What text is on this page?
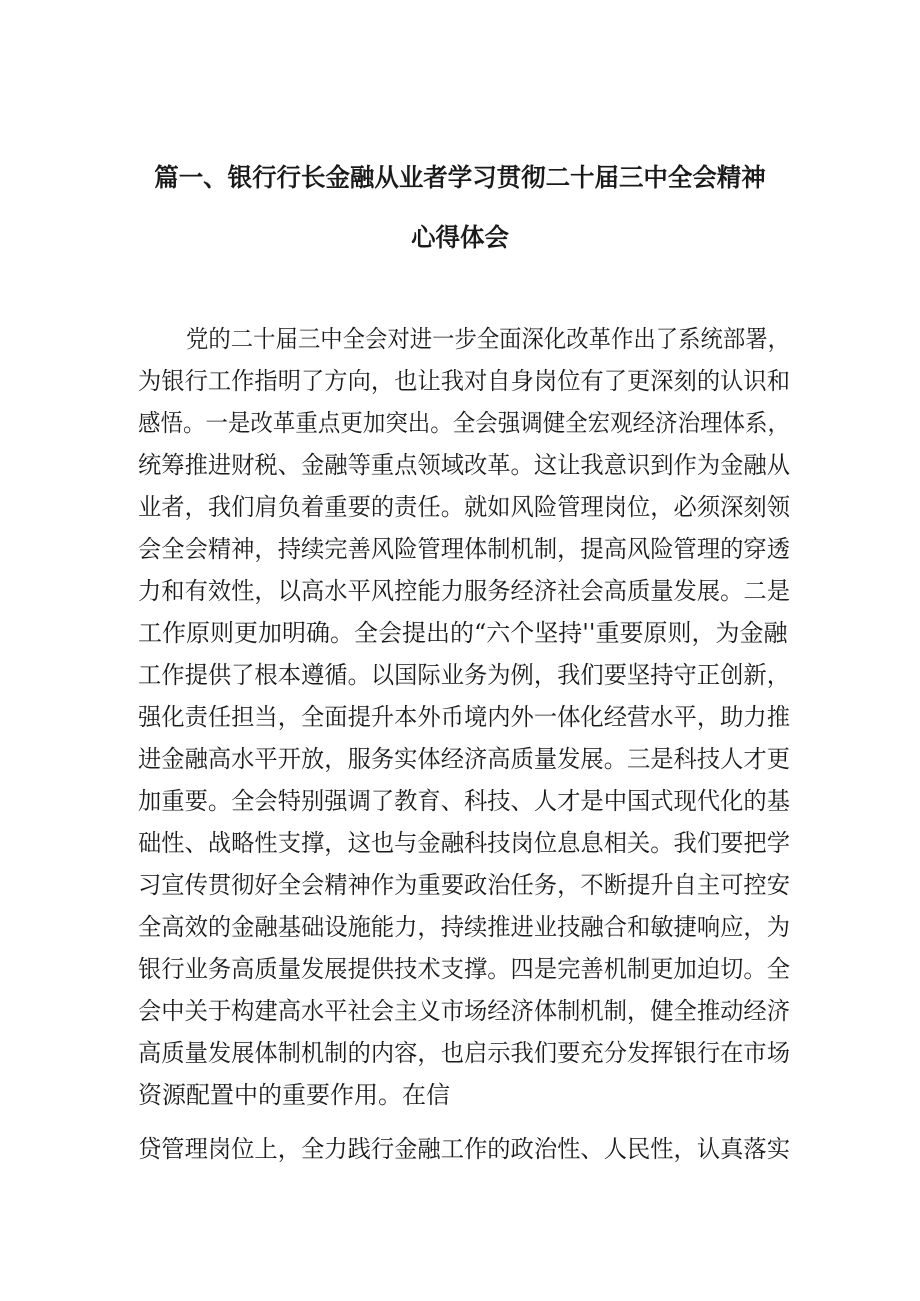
篇一、银行行长金融从业者学习贯彻二十届三中全会精神
心得体会
党的二十届三中全会对进一步全面深化改革作出了系统部署，
为银行工作指明了方向，也让我对自身岗位有了更深刻的认识和
感悟。一是改革重点更加突出。全会强调健全宏观经济治理体系，
统筹推进财税、金融等重点领域改革。这让我意识到作为金融从
业者，我们肩负着重要的责任。就如风险管理岗位，必须深刻领
会全会精神，持续完善风险管理体制机制，提高风险管理的穿透
力和有效性，以高水平风控能力服务经济社会高质量发展。二是
工作原则更加明确。全会提出的“六个坚持''重要原则，为金融
工作提供了根本遵循。以国际业务为例，我们要坚持守正创新，
强化责任担当，全面提升本外币境内外一体化经营水平，助力推
进金融高水平开放，服务实体经济高质量发展。三是科技人才更
加重要。全会特别强调了教育、科技、人才是中国式现代化的基
础性、战略性支撑，这也与金融科技岗位息息相关。我们要把学
习宣传贯彻好全会精神作为重要政治任务，不断提升自主可控安
全高效的金融基础设施能力，持续推进业技融合和敏捷响应，为
银行业务高质量发展提供技术支撑。四是完善机制更加迫切。全
会中关于构建高水平社会主义市场经济体制机制，健全推动经济
高质量发展体制机制的内容，也启示我们要充分发挥银行在市场
资源配置中的重要作用。在信
贷管理岗位上，全力践行金融工作的政治性、人民性，认真落实
